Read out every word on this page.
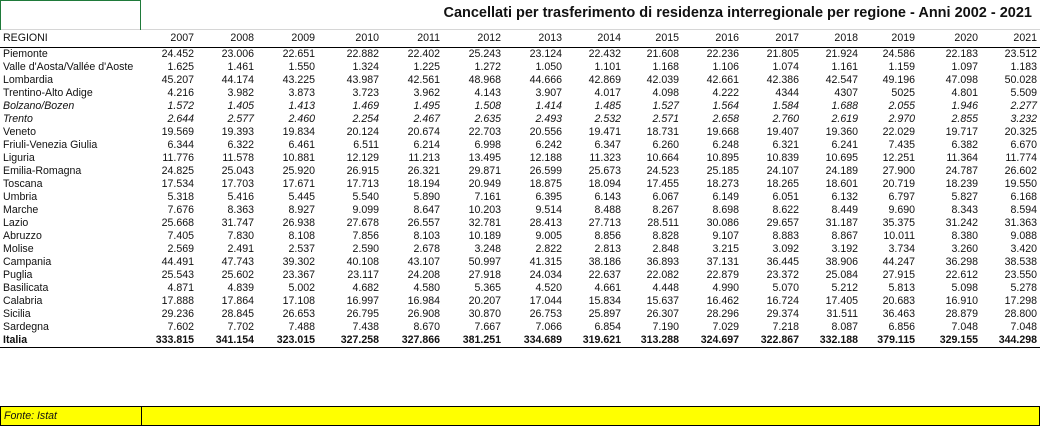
Cancellati per trasferimento di residenza interregionale per regione - Anni 2002 - 2021
REGIONI	2007	2008	2009	2010	2011	2012	2013	2014	2015	2016	2017	2018	2019	2020	2021
Piemonte	24.452	23.006	22.651	22.882	22.402	25.243	23.124	22.432	21.608	22.236	21.805	21.924	24.586	22.183	23.512
Valle d'Aosta/Vallée d'Aoste	1.625	1.461	1.550	1.324	1.225	1.272	1.050	1.101	1.168	1.106	1.074	1.161	1.159	1.097	1.183
Lombardia	45.207	44.174	43.225	43.987	42.561	48.968	44.666	42.869	42.039	42.661	42.386	42.547	49.196	47.098	50.028
Trentino-Alto Adige	4.216	3.982	3.873	3.723	3.962	4.143	3.907	4.017	4.098	4.222	4344	4307	5025	4.801	5.509
Bolzano/Bozen	1.572	1.405	1.413	1.469	1.495	1.508	1.414	1.485	1.527	1.564	1.584	1.688	2.055	1.946	2.277
Trento	2.644	2.577	2.460	2.254	2.467	2.635	2.493	2.532	2.571	2.658	2.760	2.619	2.970	2.855	3.232
Veneto	19.569	19.393	19.834	20.124	20.674	22.703	20.556	19.471	18.731	19.668	19.407	19.360	22.029	19.717	20.325
Friuli-Venezia Giulia	6.344	6.322	6.461	6.511	6.214	6.998	6.242	6.347	6.260	6.248	6.321	6.241	7.435	6.382	6.670
Liguria	11.776	11.578	10.881	12.129	11.213	13.495	12.188	11.323	10.664	10.895	10.839	10.695	12.251	11.364	11.774
Emilia-Romagna	24.825	25.043	25.920	26.915	26.321	29.871	26.599	25.673	24.523	25.185	24.107	24.189	27.900	24.787	26.602
Toscana	17.534	17.703	17.671	17.713	18.194	20.949	18.875	18.094	17.455	18.273	18.265	18.601	20.719	18.239	19.550
Umbria	5.318	5.416	5.445	5.540	5.890	7.161	6.395	6.143	6.067	6.149	6.051	6.132	6.797	5.827	6.168
Marche	7.676	8.363	8.927	9.099	8.647	10.203	9.514	8.488	8.267	8.698	8.622	8.449	9.690	8.343	8.594
Lazio	25.668	31.747	26.938	27.678	26.557	32.781	28.413	27.713	28.511	30.086	29.657	31.187	35.375	31.242	31.363
Abruzzo	7.405	7.830	8.108	7.856	8.103	10.189	9.005	8.856	8.828	9.107	8.883	8.867	10.011	8.380	9.088
Molise	2.569	2.491	2.537	2.590	2.678	3.248	2.822	2.813	2.848	3.215	3.092	3.192	3.734	3.260	3.420
Campania	44.491	47.743	39.302	40.108	43.107	50.997	41.315	38.186	36.893	37.131	36.445	38.906	44.247	36.298	38.538
Puglia	25.543	25.602	23.367	23.117	24.208	27.918	24.034	22.637	22.082	22.879	23.372	25.084	27.915	22.612	23.550
Basilicata	4.871	4.839	5.002	4.682	4.580	5.365	4.520	4.661	4.448	4.990	5.070	5.212	5.813	5.098	5.278
Calabria	17.888	17.864	17.108	16.997	16.984	20.207	17.044	15.834	15.637	16.462	16.724	17.405	20.683	16.910	17.298
Sicilia	29.236	28.845	26.653	26.795	26.908	30.870	26.753	25.897	26.307	28.296	29.374	31.511	36.463	28.879	28.800
Sardegna	7.602	7.702	7.488	7.438	8.670	7.667	7.066	6.854	7.190	7.029	7.218	8.087	6.856	7.048	7.048
Italia	333.815	341.154	323.015	327.258	327.866	381.251	334.689	319.621	313.288	324.697	322.867	332.188	379.115	329.155	344.298
Fonte: Istat
